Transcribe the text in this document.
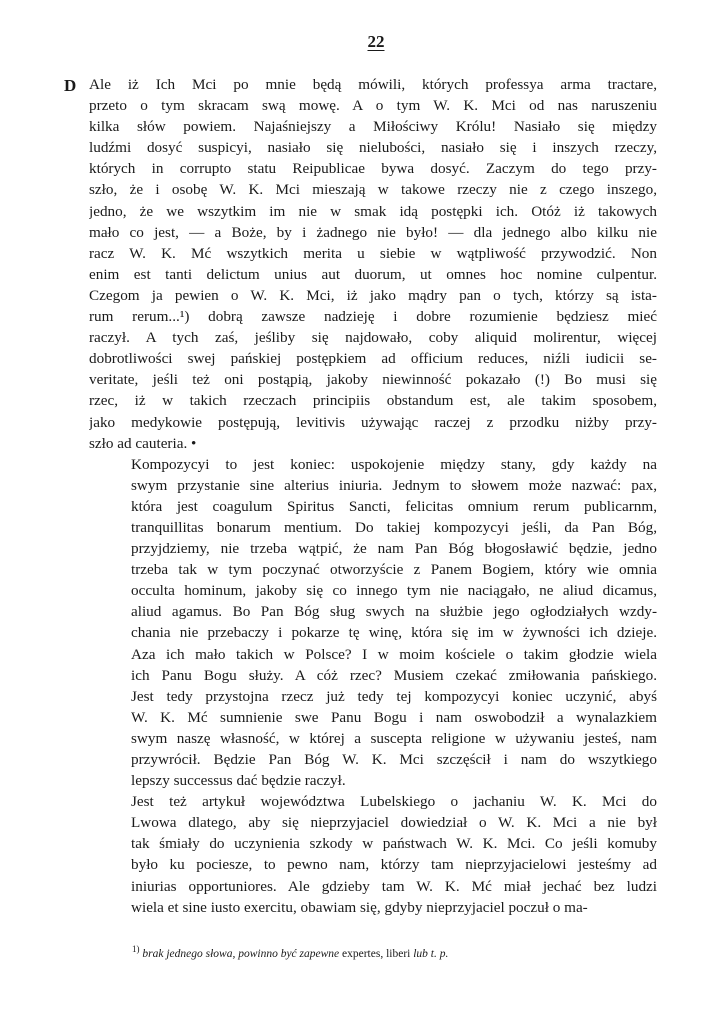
22
D Ale iż Ich Mci po mnie będą mówili, których professya arma tractare,
przeto o tym skracam swą mowę. A o tym W. K. Mci od nas naruszeniu
kilka słów powiem. Najaśniejszy a Miłościwy Królu! Nasiało się między
ludźmi dosyć suspicyi, nasiało się nielubości, nasiało się i inszych rzeczy,
których in corrupto statu Reipublicae bywa dosyć. Zaczym do tego przy-
szło, że i osobę W. K. Mci mieszają w takowe rzeczy nie z czego inszego,
jedno, że we wszytkim im nie w smak idą postępki ich. Otóż iż takowych
mało co jest, — a Boże, by i żadnego nie było! — dla jednego albo kilku nie
racz W. K. Mć wszytkich merita u siebie w wątpliwość przywodzić. Non
enim est tanti delictum unius aut duorum, ut omnes hoc nomine culpentur.
Czegom ja pewien o W. K. Mci, iż jako mądry pan o tych, którzy są ista-
rum rerum...¹) dobrą zawsze nadzieję i dobre rozumienie będziesz mieć
raczył. A tych zaś, jeśliby się najdowało, coby aliquid molirentur, więcej
dobrotliwości swej pańskiej postępkiem ad officium reduces, niźli iudicii se-
veritate, jeśli też oni postąpią, jakoby niewinność pokazało (!) Bo musi się
rzec, iż w takich rzeczach principiis obstandum est, ale takim sposobem,
jako medykowie postępują, levitivis używając raczej z przodku niżby przy-
szło ad cauteria. •
Kompozycyi to jest koniec: uspokojenie między stany, gdy każdy na
swym przystanie sine alterius iniuria. Jednym to słowem może nazwać: pax,
która jest coagulum Spiritus Sancti, felicitas omnium rerum publicarnm,
tranquillitas bonarum mentium. Do takiej kompozycyi jeśli, da Pan Bóg,
przyjdziemy, nie trzeba wątpić, że nam Pan Bóg błogosławić będzie, jedno
trzeba tak w tym poczynać otworzyście z Panem Bogiem, który wie omnia
occulta hominum, jakoby się co innego tym nie naciągało, ne aliud dicamus,
aliud agamus. Bo Pan Bóg sług swych na służbie jego ogłodziałych wzdy-
chania nie przebaczy i pokarze tę winę, która się im w żywności ich dzieje.
Aza ich mało takich w Polsce? I w moim kościele o takim głodzie wiela
ich Panu Bogu służy. A cóż rzec? Musiem czekać zmiłowania pańskiego.
Jest tedy przystojna rzecz już tedy tej kompozycyi koniec uczynić, abyś
W. K. Mć sumnienie swe Panu Bogu i nam oswobodził a wynalazkiem
swym naszę własność, w której a suscepta religione w używaniu jesteś, nam
przywrócił. Będzie Pan Bóg W. K. Mci szczęścił i nam do wszytkiego
lepszy successus dać będzie raczył.
Jest też artykuł województwa Lubelskiego o jachaniu W. K. Mci do
Lwowa dlatego, aby się nieprzyjaciel dowiedział o W. K. Mci a nie był
tak śmiały do uczynienia szkody w państwach W. K. Mci. Co jeśli komuby
było ku pociesze, to pewno nam, którzy tam nieprzyjacielowi jesteśmy ad
iniurias opportuniores. Ale gdzieby tam W. K. Mć miał jechać bez ludzi
wiela et sine iusto exercitu, obawiam się, gdyby nieprzyjaciel poczuł o ma-
$^{1)}$ brak jednego słowa, powinno być zapewne expertes, liberi lub t. p.
